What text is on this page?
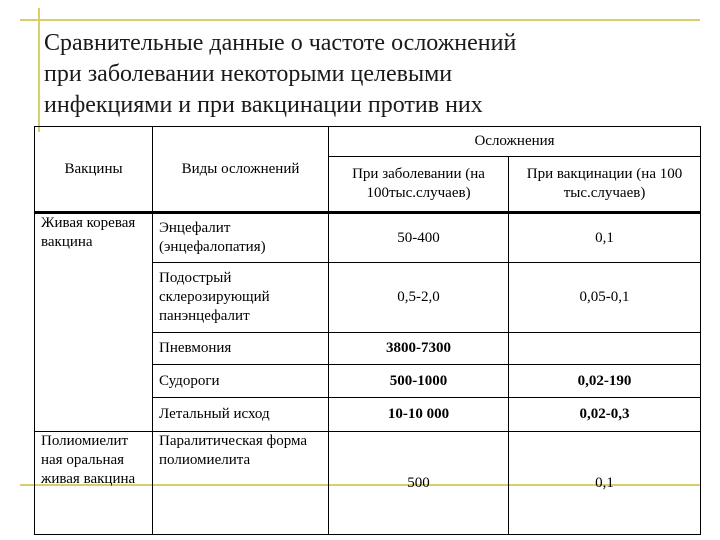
Сравнительные данные о частоте осложнений
при заболевании некоторыми целевыми
инфекциями и при вакцинации против них
Вакцины	Виды осложнений	Осложнения	
		При заболевании (на 100тыс.случаев)	При вакцинации (на 100 тыс.случаев)
Живая коревая вакцина	Энцефалит (энцефалопатия)	50-400	0,1
	Подострый склерозирующий панэнцефалит	0,5-2,0	0,05-0,1
	Пневмония	3800-7300	
	Судороги	500-1000	0,02-190
	Летальный исход	10-10 000	0,02-0,3
Полиомиелит ная оральная живая вакцина	Паралитическая форма полиомиелита	500	0,1
